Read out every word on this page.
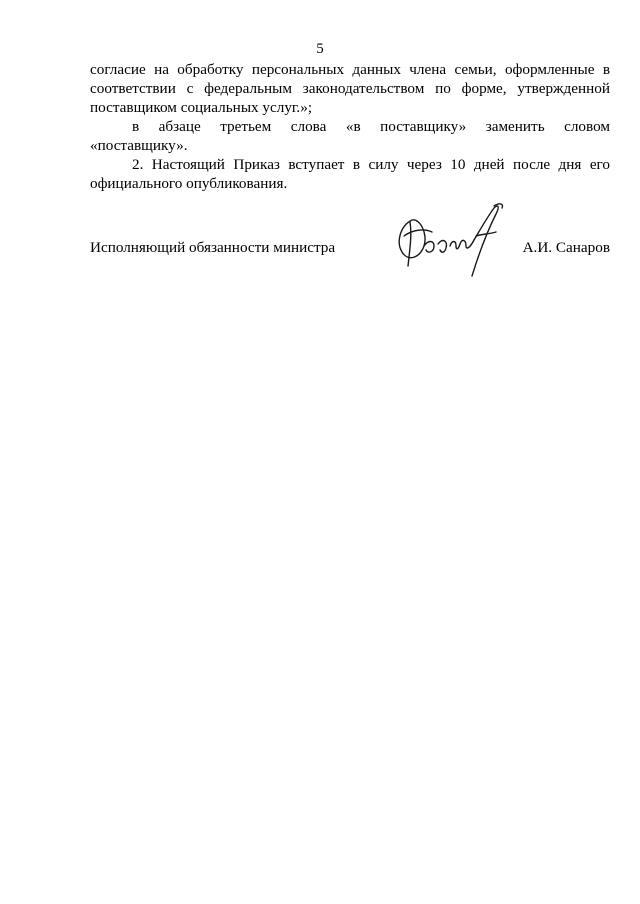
5

согласие на обработку персональных данных члена семьи, оформленные в
соответствии с федеральным законодательством по форме, утвержденной
поставщиком социальных услуг.»;

в абзаце третьем слова «в поставщику» заменить словом
«поставщику».

2. Настоящий Приказ вступает в силу через 10 дней после дня его
официального опубликования.

Исполняющий обязанности министра	А.И. Санаров
